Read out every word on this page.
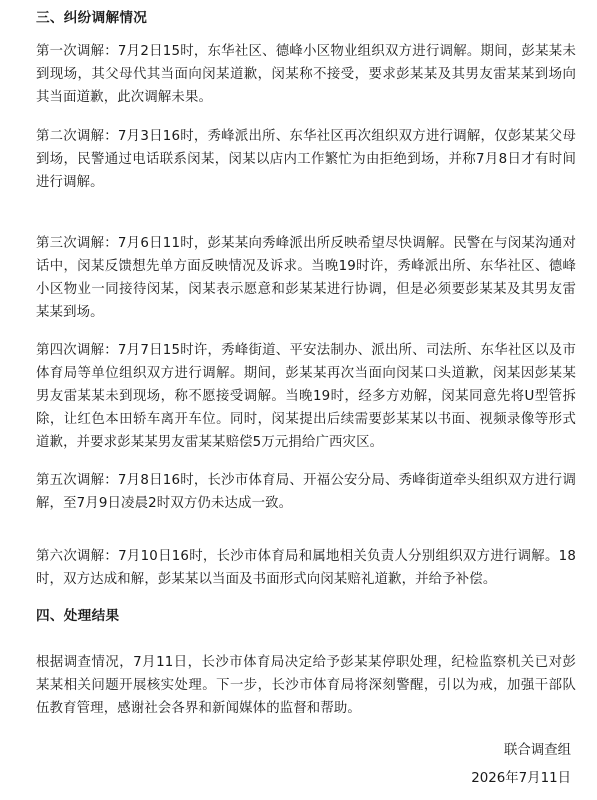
三、纠纷调解情况

第一次调解：7月2日15时，东华社区、德峰小区物业组织双方进行调解。期间，彭某某未到现场，其父母代其当面向闵某道歉，闵某称不接受，要求彭某某及其男友雷某某到场向其当面道歉，此次调解未果。

第二次调解：7月3日16时，秀峰派出所、东华社区再次组织双方进行调解，仅彭某某父母到场，民警通过电话联系闵某，闵某以店内工作繁忙为由拒绝到场，并称7月8日才有时间进行调解。

第三次调解：7月6日11时，彭某某向秀峰派出所反映希望尽快调解。民警在与闵某沟通对话中，闵某反馈想先单方面反映情况及诉求。当晚19时许，秀峰派出所、东华社区、德峰小区物业一同接待闵某，闵某表示愿意和彭某某进行协调，但是必须要彭某某及其男友雷某某到场。

第四次调解：7月7日15时许，秀峰街道、平安法制办、派出所、司法所、东华社区以及市体育局等单位组织双方进行调解。期间，彭某某再次当面向闵某口头道歉，闵某因彭某某男友雷某某未到现场，称不愿接受调解。当晚19时，经多方劝解，闵某同意先将U型管拆除，让红色本田轿车离开车位。同时，闵某提出后续需要彭某某以书面、视频录像等形式道歉，并要求彭某某男友雷某某赔偿5万元捐给广西灾区。

第五次调解：7月8日16时，长沙市体育局、开福公安分局、秀峰街道牵头组织双方进行调解，至7月9日凌晨2时双方仍未达成一致。

第六次调解：7月10日16时，长沙市体育局和属地相关负责人分别组织双方进行调解。18时，双方达成和解，彭某某以当面及书面形式向闵某赔礼道歉，并给予补偿。

四、处理结果

根据调查情况，7月11日，长沙市体育局决定给予彭某某停职处理，纪检监察机关已对彭某某相关问题开展核实处理。下一步，长沙市体育局将深刻警醒，引以为戒，加强干部队伍教育管理，感谢社会各界和新闻媒体的监督和帮助。

联合调查组

2026年7月11日
